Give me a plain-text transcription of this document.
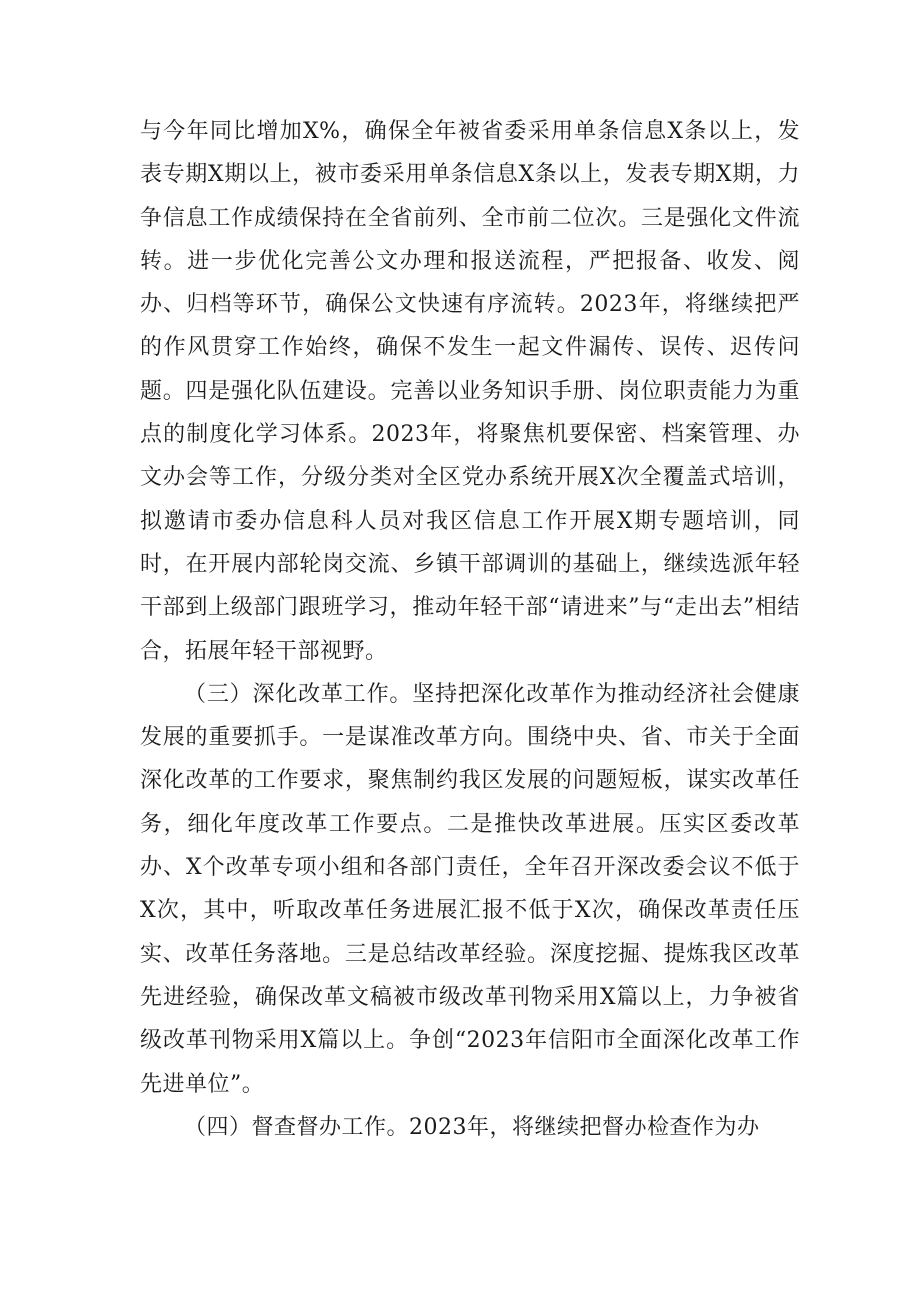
与今年同比增加X%，确保全年被省委采用单条信息X条以上，发表专期X期以上，被市委采用单条信息X条以上，发表专期X期，力争信息工作成绩保持在全省前列、全市前二位次。三是强化文件流转。进一步优化完善公文办理和报送流程，严把报备、收发、阅办、归档等环节，确保公文快速有序流转。2023年，将继续把严的作风贯穿工作始终，确保不发生一起文件漏传、误传、迟传问题。四是强化队伍建设。完善以业务知识手册、岗位职责能力为重点的制度化学习体系。2023年，将聚焦机要保密、档案管理、办文办会等工作，分级分类对全区党办系统开展X次全覆盖式培训，拟邀请市委办信息科人员对我区信息工作开展X期专题培训，同时，在开展内部轮岗交流、乡镇干部调训的基础上，继续选派年轻干部到上级部门跟班学习，推动年轻干部“请进来”与“走出去”相结合，拓展年轻干部视野。

（三）深化改革工作。坚持把深化改革作为推动经济社会健康发展的重要抓手。一是谋准改革方向。围绕中央、省、市关于全面深化改革的工作要求，聚焦制约我区发展的问题短板，谋实改革任务，细化年度改革工作要点。二是推快改革进展。压实区委改革办、X个改革专项小组和各部门责任，全年召开深改委会议不低于X次，其中，听取改革任务进展汇报不低于X次，确保改革责任压实、改革任务落地。三是总结改革经验。深度挖掘、提炼我区改革先进经验，确保改革文稿被市级改革刊物采用X篇以上，力争被省级改革刊物采用X篇以上。争创“2023年信阳市全面深化改革工作先进单位”。

（四）督查督办工作。2023年，将继续把督办检查作为办
